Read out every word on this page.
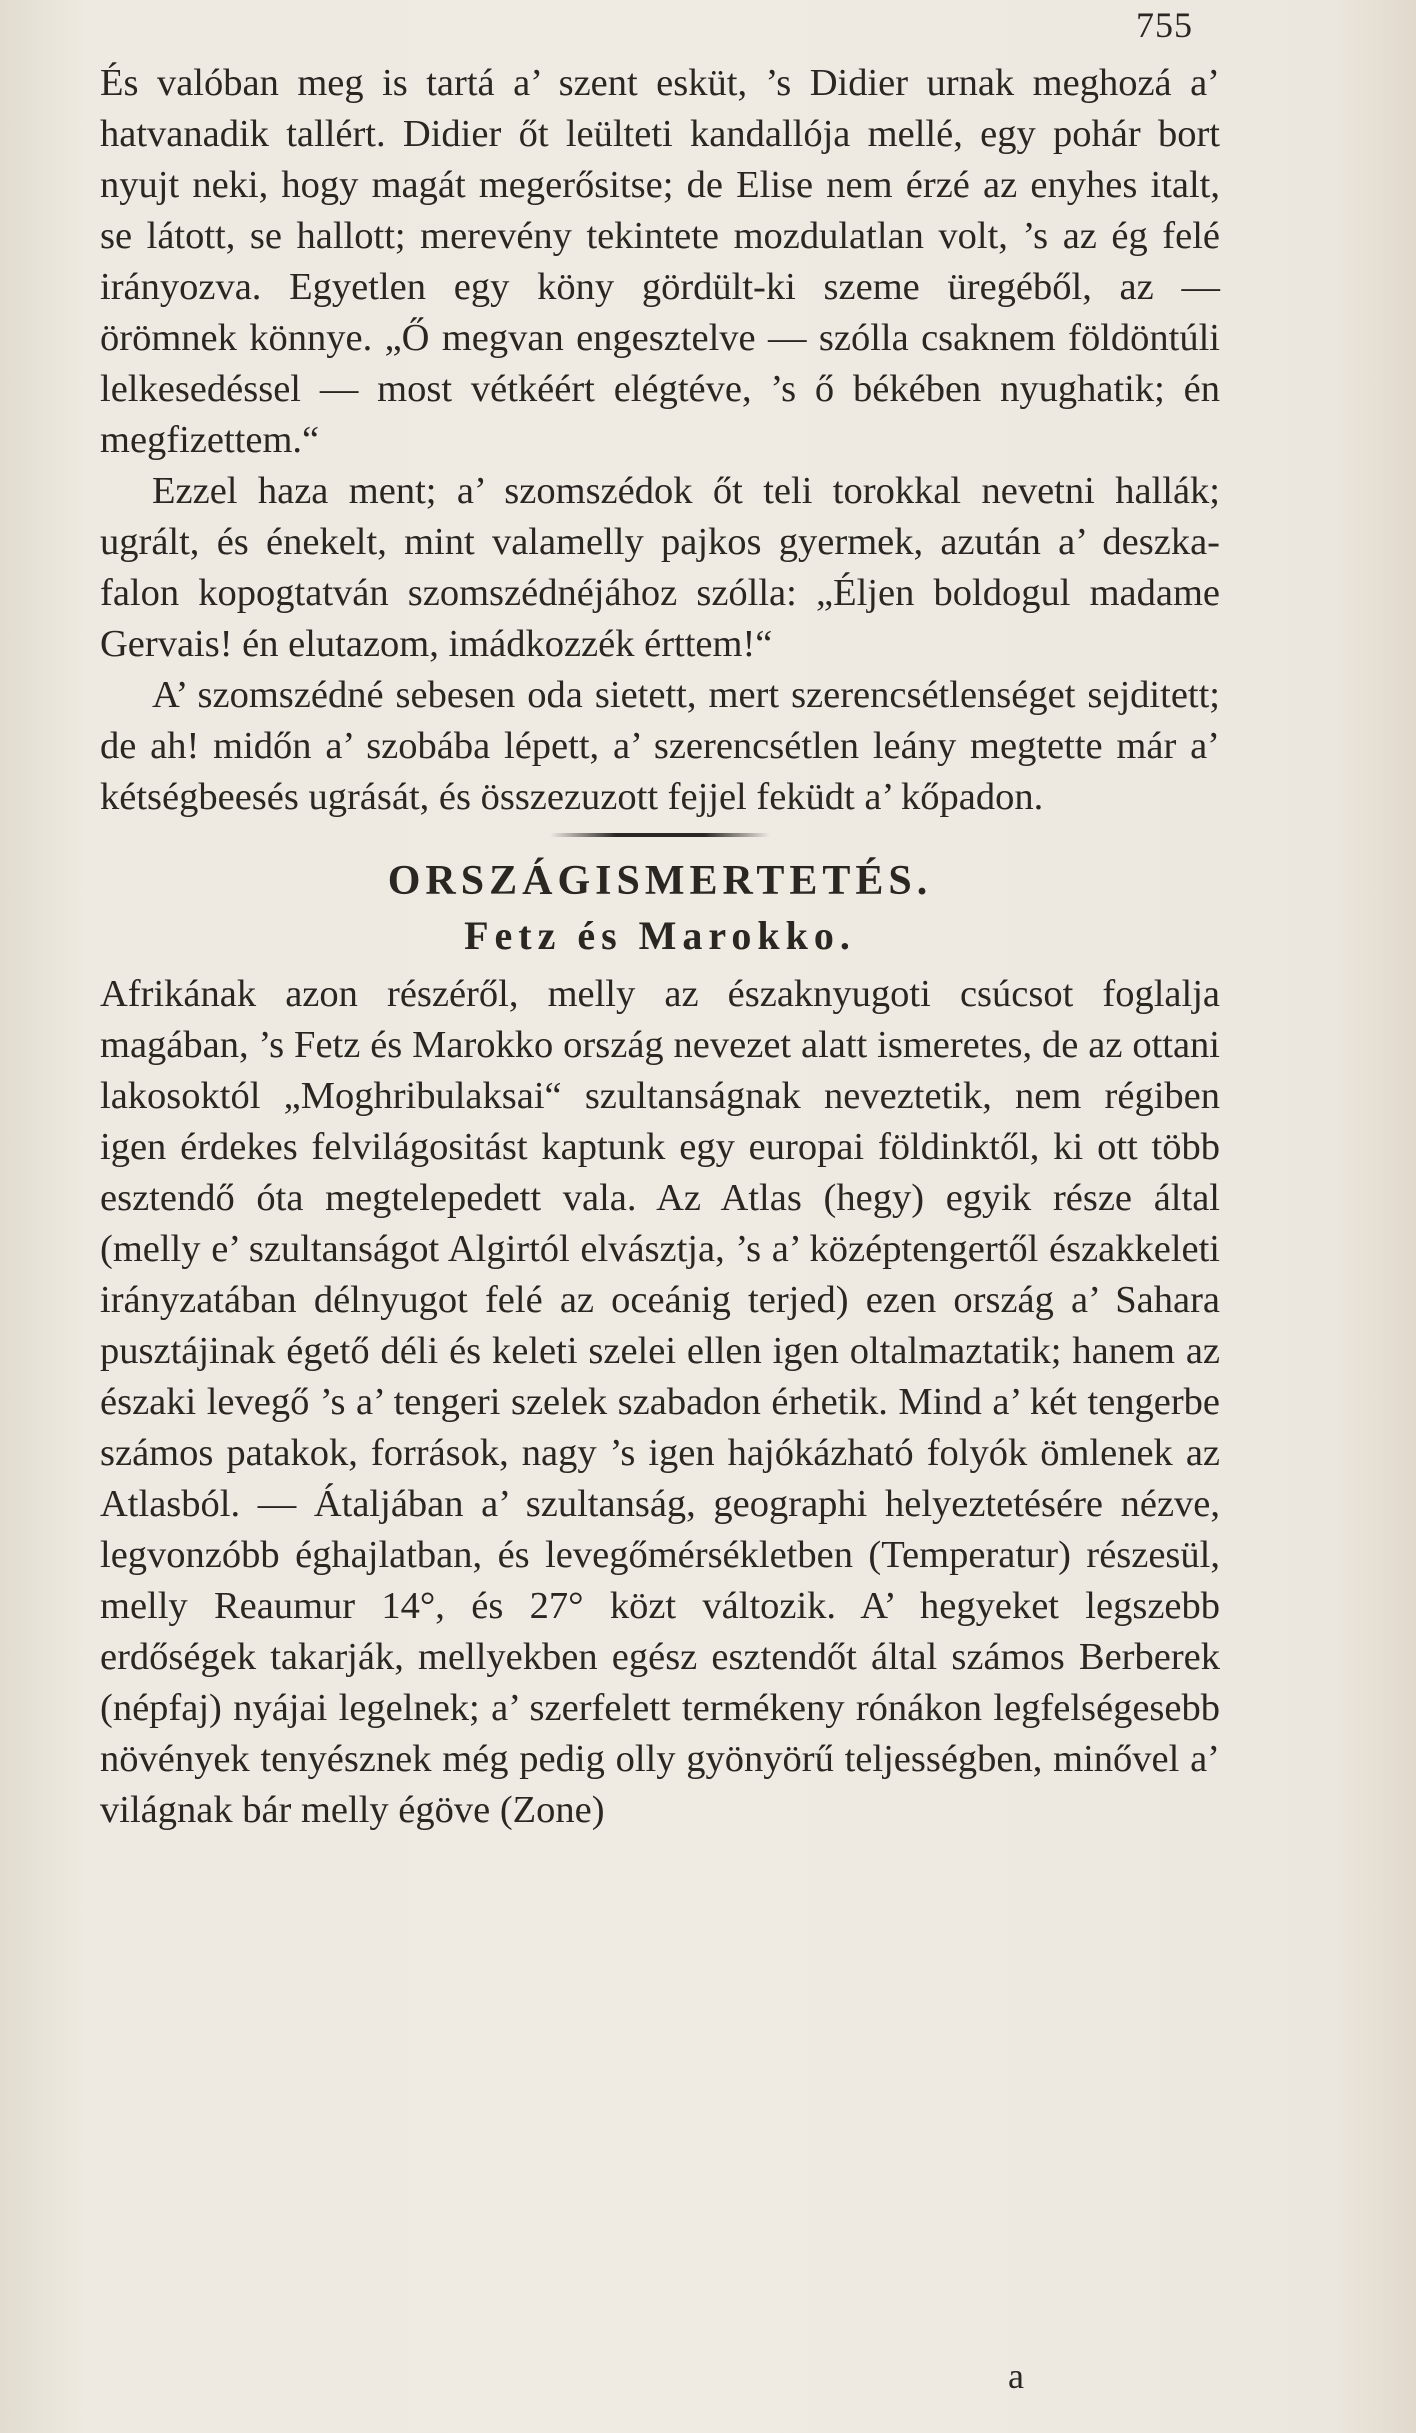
755

És valóban meg is tartá a’ szent esküt, ’s Didier urnak meghozá a’ hatvanadik tallért. Didier őt leülteti kandallója mellé, egy pohár bort nyujt neki, hogy magát megerősitse; de Elise nem érzé az enyhes italt, se látott, se hallott; merevény tekintete mozdulatlan volt, ’s az ég felé irányozva. Egyetlen egy köny gördült-ki szeme üregéből, az — örömnek könnye. „Ő megvan engesztelve — szólla csaknem földöntúli lelkesedéssel — most vétkéért elégtéve, ’s ő békében nyughatik; én megfizettem.“

Ezzel haza ment; a’ szomszédok őt teli torokkal nevetni hallák; ugrált, és énekelt, mint valamelly pajkos gyermek, azután a’ deszka-falon kopogtatván szomszédnéjához szólla: „Éljen boldogul madame Gervais! én elutazom, imádkozzék érttem!“

A’ szomszédné sebesen oda sietett, mert szerencsétlenséget sejditett; de ah! midőn a’ szobába lépett, a’ szerencsétlen leány megtette már a’ kétségbeesés ugrását, és összezuzott fejjel feküdt a’ kőpadon.

ORSZÁGISMERTETÉS.
Fetz és Marokko.

Afrikának azon részéről, melly az északnyugoti csúcsot foglalja magában, ’s Fetz és Marokko ország nevezet alatt ismeretes, de az ottani lakosoktól „Moghribulaksai“ szultanságnak neveztetik, nem régiben igen érdekes felvilágositást kaptunk egy europai földinktől, ki ott több esztendő óta megtelepedett vala. Az Atlas (hegy) egyik része által (melly e’ szultanságot Algirtól elvásztja, ’s a’ középtengertől északkeleti irányzatában délnyugot felé az oceánig terjed) ezen ország a’ Sahara pusztájinak égető déli és keleti szelei ellen igen oltalmaztatik; hanem az északi levegő ’s a’ tengeri szelek szabadon érhetik. Mind a’ két tengerbe számos patakok, források, nagy ’s igen hajókázható folyók ömlenek az Atlasból. — Átaljában a’ szultanság, geographi helyeztetésére nézve, legvonzóbb éghajlatban, és levegőmérsékletben (Temperatur) részesül, melly Reaumur 14°, és 27° közt változik. A’ hegyeket legszebb erdőségek takarják, mellyekben egész esztendőt által számos Berberek (népfaj) nyájai legelnek; a’ szerfelett termékeny rónákon legfelségesebb növények tenyésznek még pedig olly gyönyörű teljességben, minővel a’ világnak bár melly égöve (Zone)

a
